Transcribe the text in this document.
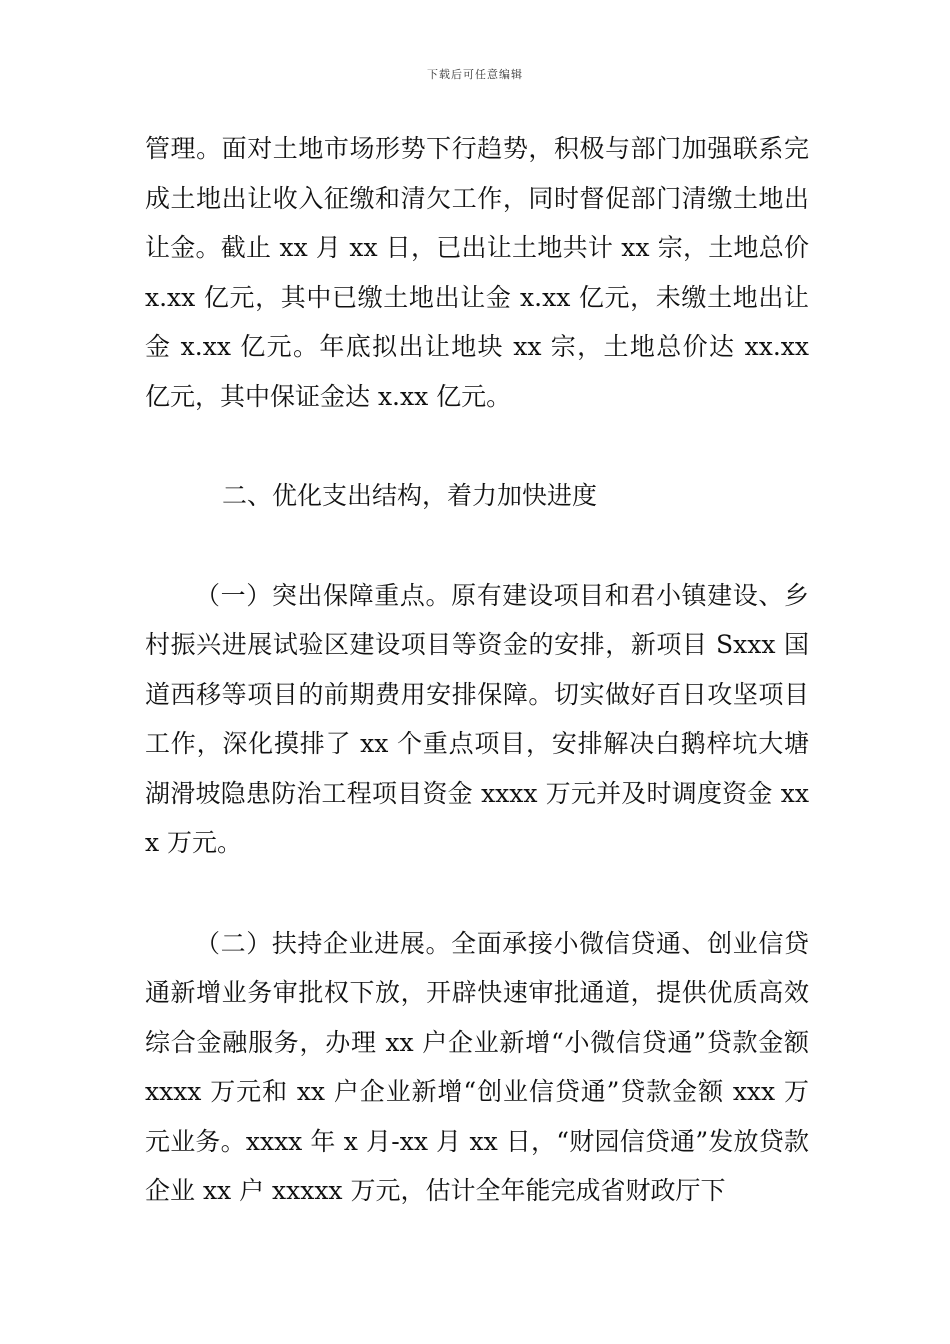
下载后可任意编辑

管理。面对土地市场形势下行趋势，积极与部门加强联系完成土地出让收入征缴和清欠工作，同时督促部门清缴土地出让金。截止 xx 月 xx 日，已出让土地共计 xx 宗，土地总价 x.xx 亿元，其中已缴土地出让金 x.xx 亿元，未缴土地出让金 x.xx 亿元。年底拟出让地块 xx 宗，土地总价达 xx.xx 亿元，其中保证金达 x.xx 亿元。

二、优化支出结构，着力加快进度

（一）突出保障重点。原有建设项目和君小镇建设、乡村振兴进展试验区建设项目等资金的安排，新项目 Sxxx 国道西移等项目的前期费用安排保障。切实做好百日攻坚项目工作，深化摸排了 xx 个重点项目，安排解决白鹅梓坑大塘湖滑坡隐患防治工程项目资金 xxxx 万元并及时调度资金 xxx 万元。

（二）扶持企业进展。全面承接小微信贷通、创业信贷通新增业务审批权下放，开辟快速审批通道，提供优质高效综合金融服务，办理 xx 户企业新增“小微信贷通”贷款金额 xxxx 万元和 xx 户企业新增“创业信贷通”贷款金额 xxx 万元业务。xxxx 年 x 月-xx 月 xx 日，“财园信贷通”发放贷款企业 xx 户 xxxxx 万元，估计全年能完成省财政厅下
